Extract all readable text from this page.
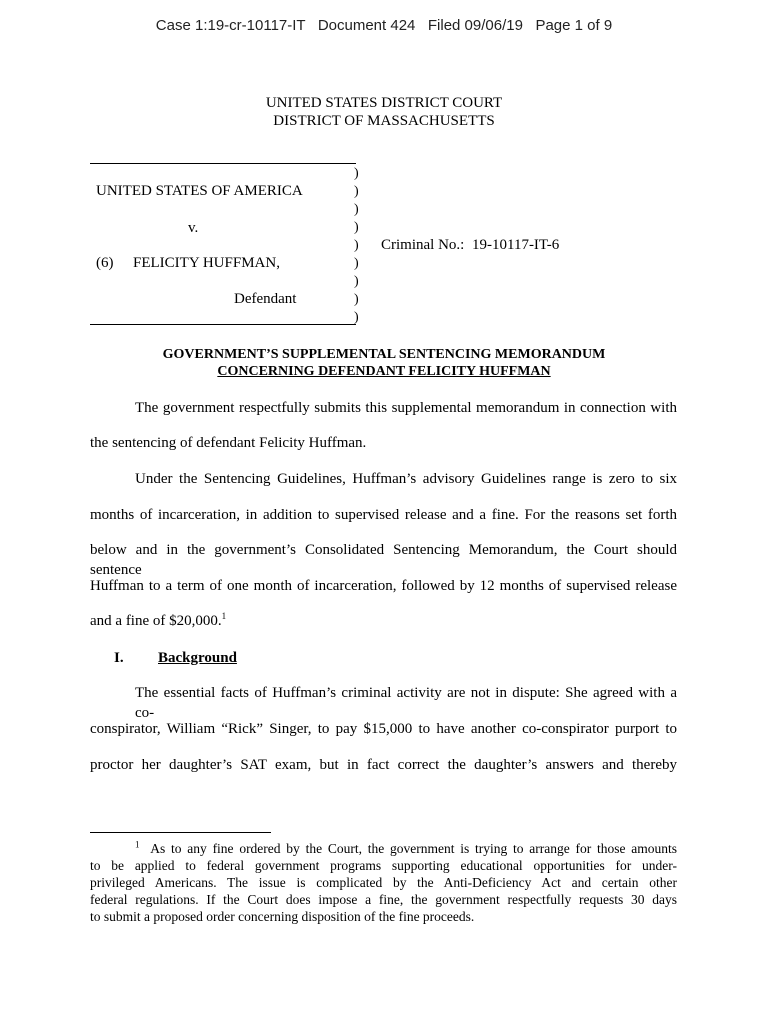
Case 1:19-cr-10117-IT   Document 424   Filed 09/06/19   Page 1 of 9
UNITED STATES DISTRICT COURT
DISTRICT OF MASSACHUSETTS
)
)
)
)
)
)
)
)
)
UNITED STATES OF AMERICA
v.
(6) FELICITY HUFFMAN,
Defendant
Criminal No.: 19-10117-IT-6
GOVERNMENT’S SUPPLEMENTAL SENTENCING MEMORANDUM
CONCERNING DEFENDANT FELICITY HUFFMAN
The government respectfully submits this supplemental memorandum in connection with
the sentencing of defendant Felicity Huffman.
Under the Sentencing Guidelines, Huffman’s advisory Guidelines range is zero to six
months of incarceration, in addition to supervised release and a fine. For the reasons set forth
below and in the government’s Consolidated Sentencing Memorandum, the Court should sentence
Huffman to a term of one month of incarceration, followed by 12 months of supervised release
and a fine of $20,000.$^1$
I. Background
The essential facts of Huffman’s criminal activity are not in dispute: She agreed with a co-
conspirator, William “Rick” Singer, to pay $15,000 to have another co-conspirator purport to
proctor her daughter’s SAT exam, but in fact correct the daughter’s answers and thereby
$^1$ As to any fine ordered by the Court, the government is trying to arrange for those amounts
to be applied to federal government programs supporting educational opportunities for under-
privileged Americans. The issue is complicated by the Anti-Deficiency Act and certain other
federal regulations. If the Court does impose a fine, the government respectfully requests 30 days
to submit a proposed order concerning disposition of the fine proceeds.
